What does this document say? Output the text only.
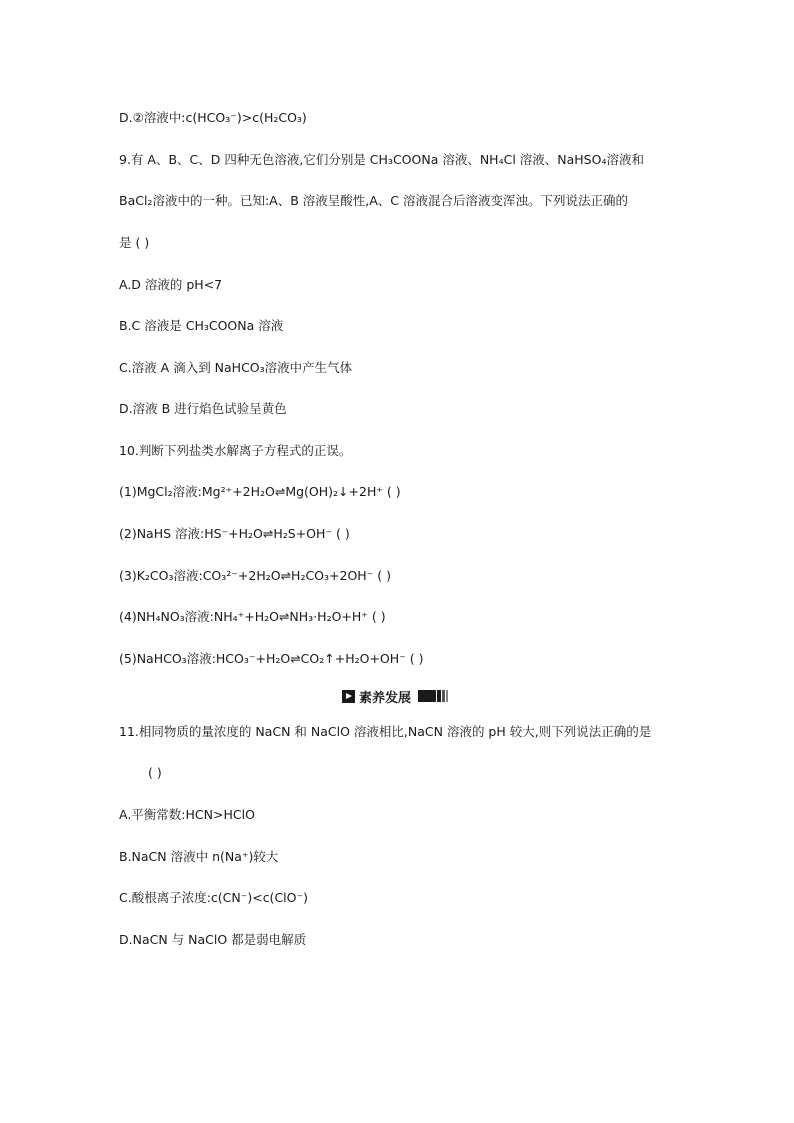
D.②溶液中:c(HCO₃⁻)>c(H₂CO₃)
9.有 A、B、C、D 四种无色溶液,它们分别是 CH₃COONa 溶液、NH₄Cl 溶液、NaHSO₄溶液和
BaCl₂溶液中的一种。已知:A、B 溶液呈酸性,A、C 溶液混合后溶液变浑浊。下列说法正确的
是 ( )
A.D 溶液的 pH<7
B.C 溶液是 CH₃COONa 溶液
C.溶液 A 滴入到 NaHCO₃溶液中产生气体
D.溶液 B 进行焰色试验呈黄色
10.判断下列盐类水解离子方程式的正误。
(1)MgCl₂溶液:Mg²⁺+2H₂O⇌Mg(OH)₂↓+2H⁺ ( )
(2)NaHS 溶液:HS⁻+H₂O⇌H₂S+OH⁻ ( )
(3)K₂CO₃溶液:CO₃²⁻+2H₂O⇌H₂CO₃+2OH⁻ ( )
(4)NH₄NO₃溶液:NH₄⁺+H₂O⇌NH₃·H₂O+H⁺ ( )
(5)NaHCO₃溶液:HCO₃⁻+H₂O⇌CO₂↑+H₂O+OH⁻ ( )
素养发展
11.相同物质的量浓度的 NaCN 和 NaClO 溶液相比,NaCN 溶液的 pH 较大,则下列说法正确的是
( )
A.平衡常数:HCN>HClO
B.NaCN 溶液中 n(Na⁺)较大
C.酸根离子浓度:c(CN⁻)<c(ClO⁻)
D.NaCN 与 NaClO 都是弱电解质
